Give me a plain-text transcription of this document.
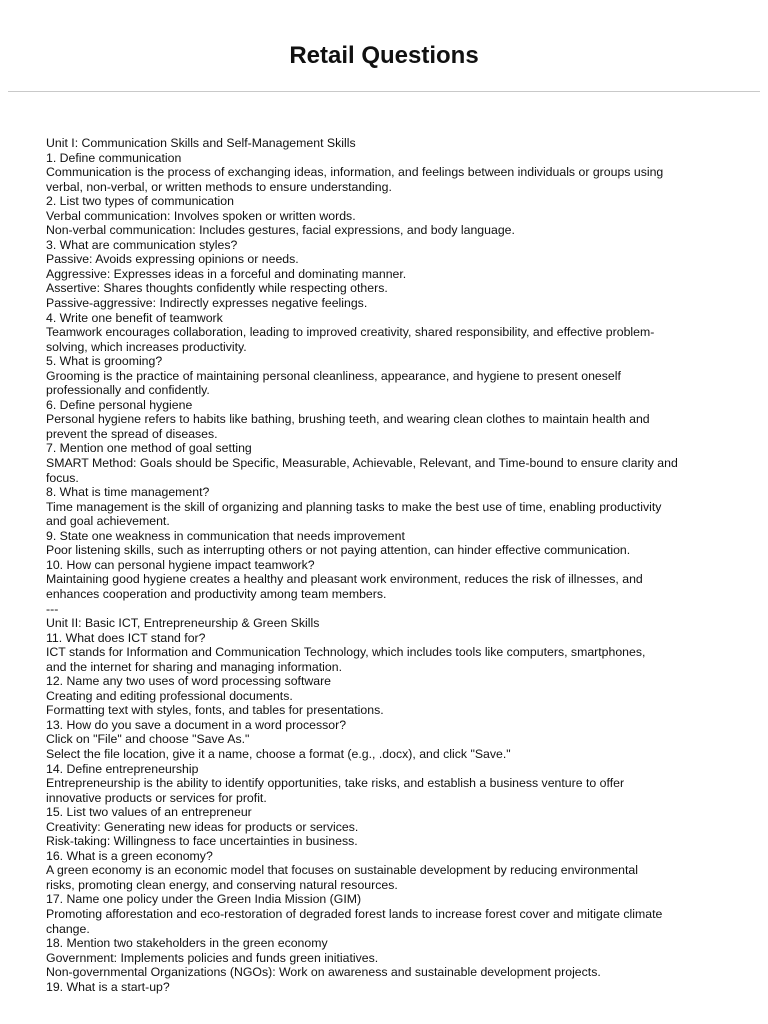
Retail Questions
Unit I: Communication Skills and Self-Management Skills
1. Define communication
Communication is the process of exchanging ideas, information, and feelings between individuals or groups using
verbal, non-verbal, or written methods to ensure understanding.
2. List two types of communication
Verbal communication: Involves spoken or written words.
Non-verbal communication: Includes gestures, facial expressions, and body language.
3. What are communication styles?
Passive: Avoids expressing opinions or needs.
Aggressive: Expresses ideas in a forceful and dominating manner.
Assertive: Shares thoughts confidently while respecting others.
Passive-aggressive: Indirectly expresses negative feelings.
4. Write one benefit of teamwork
Teamwork encourages collaboration, leading to improved creativity, shared responsibility, and effective problem-
solving, which increases productivity.
5. What is grooming?
Grooming is the practice of maintaining personal cleanliness, appearance, and hygiene to present oneself
professionally and confidently.
6. Define personal hygiene
Personal hygiene refers to habits like bathing, brushing teeth, and wearing clean clothes to maintain health and
prevent the spread of diseases.
7. Mention one method of goal setting
SMART Method: Goals should be Specific, Measurable, Achievable, Relevant, and Time-bound to ensure clarity and
focus.
8. What is time management?
Time management is the skill of organizing and planning tasks to make the best use of time, enabling productivity
and goal achievement.
9. State one weakness in communication that needs improvement
Poor listening skills, such as interrupting others or not paying attention, can hinder effective communication.
10. How can personal hygiene impact teamwork?
Maintaining good hygiene creates a healthy and pleasant work environment, reduces the risk of illnesses, and
enhances cooperation and productivity among team members.
---
Unit II: Basic ICT, Entrepreneurship & Green Skills
11. What does ICT stand for?
ICT stands for Information and Communication Technology, which includes tools like computers, smartphones,
and the internet for sharing and managing information.
12. Name any two uses of word processing software
Creating and editing professional documents.
Formatting text with styles, fonts, and tables for presentations.
13. How do you save a document in a word processor?
Click on "File" and choose "Save As."
Select the file location, give it a name, choose a format (e.g., .docx), and click "Save."
14. Define entrepreneurship
Entrepreneurship is the ability to identify opportunities, take risks, and establish a business venture to offer
innovative products or services for profit.
15. List two values of an entrepreneur
Creativity: Generating new ideas for products or services.
Risk-taking: Willingness to face uncertainties in business.
16. What is a green economy?
A green economy is an economic model that focuses on sustainable development by reducing environmental
risks, promoting clean energy, and conserving natural resources.
17. Name one policy under the Green India Mission (GIM)
Promoting afforestation and eco-restoration of degraded forest lands to increase forest cover and mitigate climate
change.
18. Mention two stakeholders in the green economy
Government: Implements policies and funds green initiatives.
Non-governmental Organizations (NGOs): Work on awareness and sustainable development projects.
19. What is a start-up?
